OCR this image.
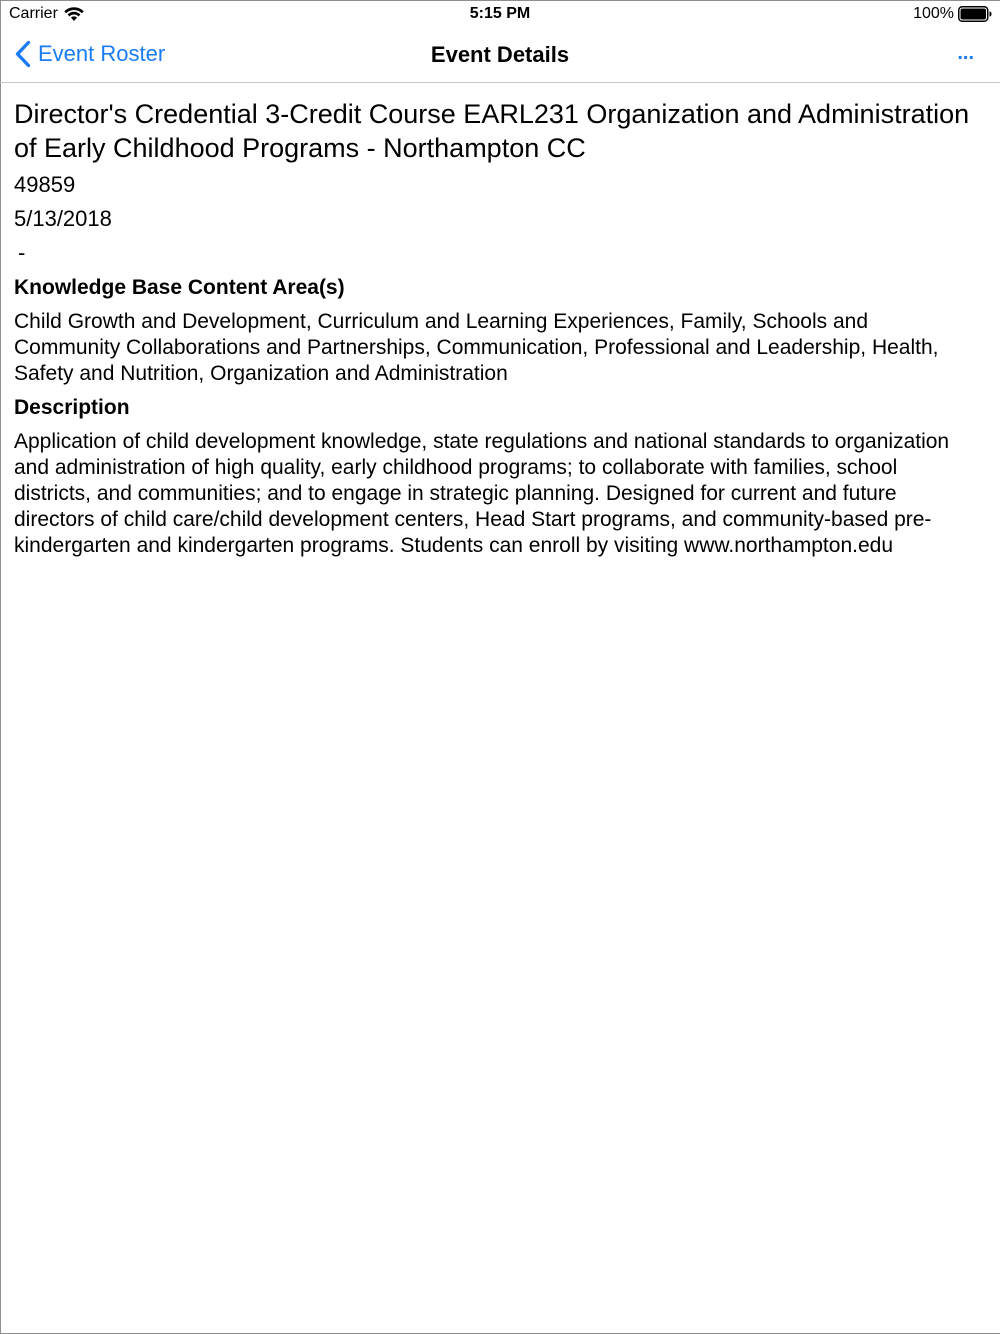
Carrier	5:15 PM	100%
Event Roster	Event Details	...
Director's Credential 3-Credit Course EARL231 Organization and Administration of Early Childhood Programs - Northampton CC
49859
5/13/2018
-
Knowledge Base Content Area(s)
Child Growth and Development, Curriculum and Learning Experiences, Family, Schools and Community Collaborations and Partnerships, Communication, Professional and Leadership, Health, Safety and Nutrition, Organization and Administration
Description
Application of child development knowledge, state regulations and national standards to organization and administration of high quality, early childhood programs; to collaborate with families, school districts, and communities; and to engage in strategic planning. Designed for current and future directors of child care/child development centers, Head Start programs, and community-based pre-kindergarten and kindergarten programs. Students can enroll by visiting www.northampton.edu
